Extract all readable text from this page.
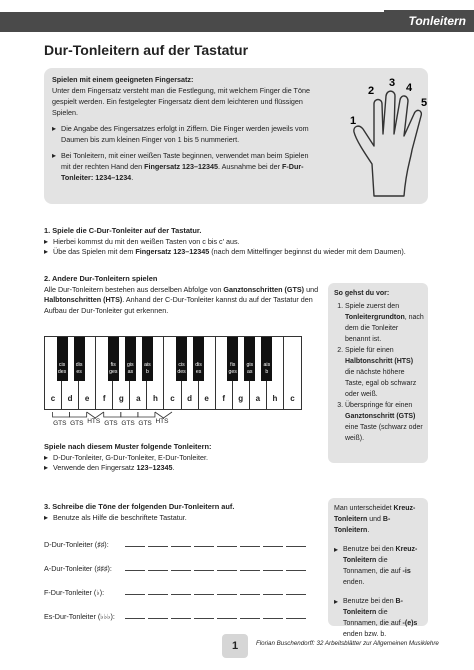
Tonleitern
Dur-Tonleitern auf der Tastatur
Spielen mit einem geeigneten Fingersatz:

Unter dem Fingersatz versteht man die Festlegung, mit welchem Finger die Töne gespielt werden. Ein festgelegter Fingersatz dient dem leichteren und flüssigen Spielen.

▸ Die Angabe des Fingersatzes erfolgt in Ziffern. Die Finger werden jeweils vom Daumen bis zum kleinen Finger von 1 bis 5 nummeriert.

▸ Bei Tonleitern, mit einer weißen Taste beginnen, verwendet man beim Spielen mit der rechten Hand den Fingersatz 123–12345. Ausnahme bei der F-Dur-Tonleiter: 1234–1234.

1
2
3 4
5
1. Spiele die C-Dur-Tonleiter auf der Tastatur.
▸ Hierbei kommst du mit den weißen Tasten von c bis c' aus.
▸ Übe das Spielen mit dem Fingersatz 123–12345 (nach dem Mittelfinger beginnst du wieder mit dem Daumen).
2. Andere Dur-Tonleitern spielen
Alle Dur-Tonleitern bestehen aus derselben Abfolge von Ganztonschritten (GTS) und Halbtonschritten (HTS). Anhand der C-Dur-Tonleiter kannst du auf der Tastatur den Aufbau der Dur-Tonleiter gut erkennen.
So gehst du vor:
1. Spiele zuerst den Tonleitergrundton, nach dem die Tonleiter benannt ist.
2. Spiele für einen Halbtonschritt (HTS) die nächste höhere Taste, egal ob schwarz oder weiß.
3. Überspringe für einen Ganztonschritt (GTS) eine Taste (schwarz oder weiß).
c	d	e	f	g	a	h	c	d	e	f	g	a	h	c
cis
des
dis
es
fis
ges
gis
as
ais
b
cis
des
dis
es
fis
ges
gis
as
ais
b
GTS GTS HTS GTS GTS GTS HTS
Spiele nach diesem Muster folgende Tonleitern:
▸ D-Dur-Tonleiter, G-Dur-Tonleiter, E-Dur-Tonleiter.
▸ Verwende den Fingersatz 123–12345.
3. Schreibe die Töne der folgenden Dur-Tonleitern auf.
▸ Benutze als Hilfe die beschriftete Tastatur.
D-Dur-Tonleiter (♯♯):
A-Dur-Tonleiter (♯♯♯):
F-Dur-Tonleiter (♭):
Es-Dur-Tonleiter (♭♭♭):

Man unterscheidet Kreuz-Tonleitern und B-Tonleitern.

▸ Benutze bei den Kreuz-Tonleitern die Tonnamen, die auf -is enden.

▸ Benutze bei den B-Tonleitern die Tonnamen, die auf -(e)s enden bzw. b.

1	Florian Buschendorff: 32 Arbeitsblätter zur Allgemeinen Musiklehre
